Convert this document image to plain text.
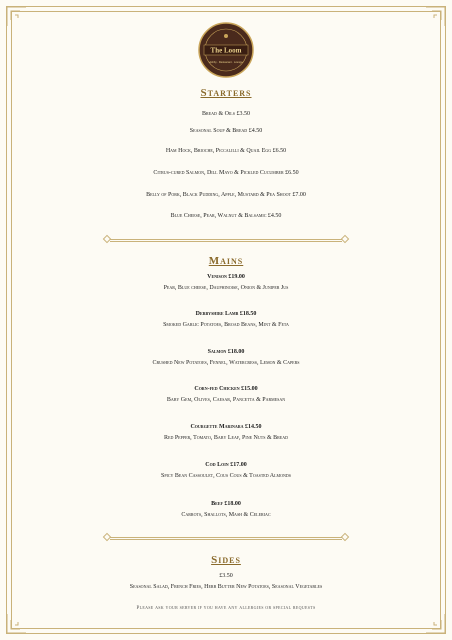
The Loom
Ashby · Restaurant · Lounge
Starters
Bread & Oils £3.50
Seasonal Soup & Bread £4.50
Ham Hock, Brioche, Piccalilli & Quail Egg £6.50
Citrus-cured Salmon, Dill Mayo & Pickled Cucumber £6.50
Belly of Pork, Black Pudding, Apple, Mustard & Pea Shoot £7.00
Blue Cheese, Pear, Walnut & Balsamic £4.50
Mains
Venison £19.00
Pear, Blue cheese, Dauphinoise, Onion & Juniper Jus
Derbyshire Lamb £18.50
Smoked Garlic Potatoes, Broad Beans, Mint & Feta
Salmon £18.00
Crushed New Potatoes, Fennel, Watercress, Lemon & Capers
Corn-fed Chicken £15.00
Baby Gem, Olives, Caesar, Pancetta & Parmesan
Courgette Marinara £14.50
Red Pepper, Tomato, Baby Leaf, Pine Nuts & Bread
Cod Loin £17.00
Spicy Bean Cassoulet, Cous Cous & Toasted Almonds
Beef £18.00
Carrots, Shallots, Mash & Celeriac
Sides
£3.50
Seasonal Salad, French Fries, Herb Butter New Potatoes, Seasonal Vegetables
Please ask your server if you have any allergies or special requests
